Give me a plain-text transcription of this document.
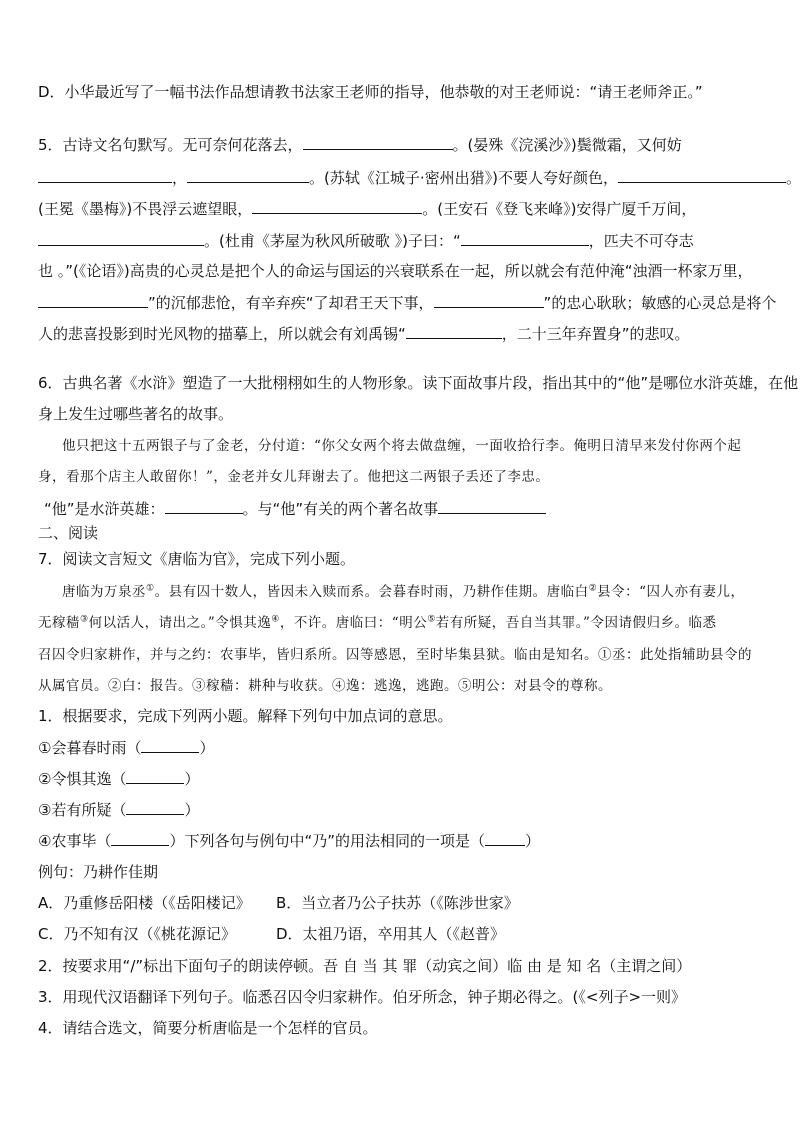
D．小华最近写了一幅书法作品想请教书法家王老师的指导，他恭敬的对王老师说：“请王老师斧正。”
5．古诗文名句默写。无可奈何花落去，	。(晏殊《浣溪沙》)鬓微霜，又何妨
，	。(苏轼《江城子·密州出猎》)不要人夸好颜色，	。
(王冕《墨梅》)不畏浮云遮望眼，	。(王安石《登飞来峰》)安得广厦千万间，
。(杜甫《茅屋为秋风所破歌 》)子曰：“	，匹夫不可夺志
也 。”(《论语》)高贵的心灵总是把个人的命运与国运的兴衰联系在一起，所以就会有范仲淹“浊酒一杯家万里，
”的沉郁悲怆，有辛弃疾“了却君王天下事，	”的忠心耿耿；敏感的心灵总是将个
人的悲喜投影到时光风物的描摹上，所以就会有刘禹锡“	，二十三年弃置身”的悲叹。
6．古典名著《水浒》塑造了一大批栩栩如生的人物形象。读下面故事片段，指出其中的“他”是哪位水浒英雄，在他
身上发生过哪些著名的故事。
他只把这十五两银子与了金老，分付道：“你父女两个将去做盘缠，一面收拾行李。俺明日清早来发付你两个起
身，看那个店主人敢留你！”，金老并女儿拜谢去了。他把这二两银子丢还了李忠。
“他”是水浒英雄：	。与“他”有关的两个著名故事
二、阅读
7．阅读文言短文《唐临为官》，完成下列小题。
唐临为万泉丞①。县有囚十数人，皆因未入赎而系。会暮春时雨，乃耕作佳期。唐临白②县令：“囚人亦有妻儿，
无稼穑③何以活人，请出之。”令惧其逸④，不许。唐临曰：“明公⑤若有所疑，吾自当其罪。”令因请假归乡。临悉
召囚令归家耕作，并与之约：农事毕，皆归系所。囚等感恩，至时毕集县狱。临由是知名。①丞：此处指辅助县令的
从属官员。②白：报告。③稼穑：耕种与收获。④逸：逃逸，逃跑。⑤明公：对县令的尊称。
1．根据要求，完成下列两小题。解释下列句中加点词的意思。
①会暮春时雨（	）
②令惧其逸（	）
③若有所疑（	）
④农事毕（	）下列各句与例句中“乃”的用法相同的一项是（	）
例句：乃耕作佳期
A．乃重修岳阳楼（《岳阳楼记》 B．当立者乃公子扶苏（《陈涉世家》
C．乃不知有汉（《桃花源记》	D．太祖乃语，卒用其人（《赵普》
2．按要求用“/”标出下面句子的朗读停顿。吾 自 当 其 罪（动宾之间）临 由 是 知 名（主谓之间）
3．用现代汉语翻译下列句子。临悉召囚令归家耕作。伯牙所念，钟子期必得之。(《<列子>一则》
4．请结合选文，简要分析唐临是一个怎样的官员。
